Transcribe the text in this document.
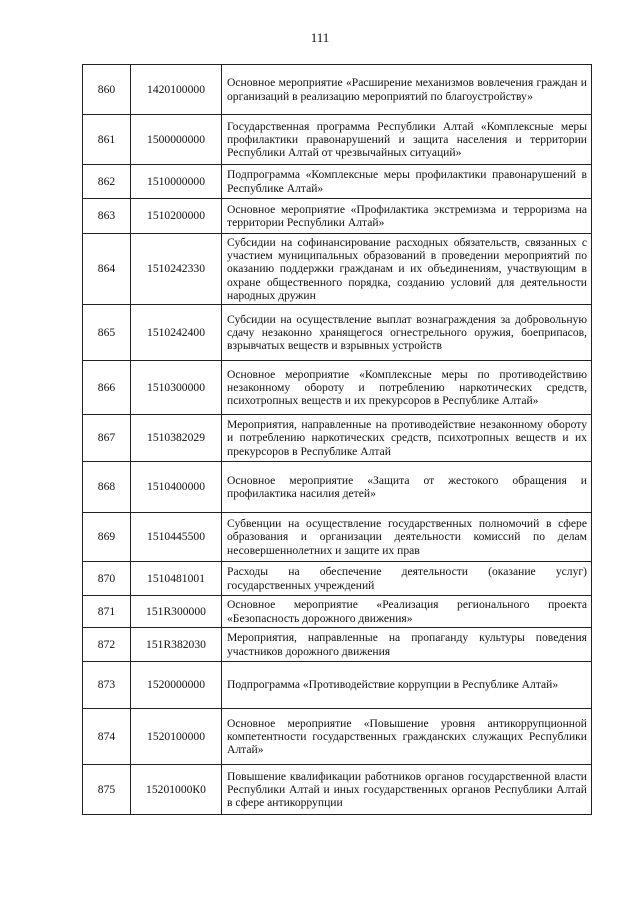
111
860	1420100000	Основное мероприятие «Расширение механизмов вовлечения граждан и организаций в реализацию мероприятий по благоустройству»
861	1500000000	Государственная программа Республики Алтай «Комплексные меры профилактики правонарушений и защита населения и территории Республики Алтай от чрезвычайных ситуаций»
862	1510000000	Подпрограмма «Комплексные меры профилактики правонарушений в Республике Алтай»
863	1510200000	Основное мероприятие «Профилактика экстремизма и терроризма на территории Республики Алтай»
864	1510242330	Субсидии на софинансирование расходных обязательств, связанных с участием муниципальных образований в проведении мероприятий по оказанию поддержки гражданам и их объединениям, участвующим в охране общественного порядка, созданию условий для деятельности народных дружин
865	1510242400	Субсидии на осуществление выплат вознаграждения за добровольную сдачу незаконно хранящегося огнестрельного оружия, боеприпасов, взрывчатых веществ и взрывных устройств
866	1510300000	Основное мероприятие «Комплексные меры по противодействию незаконному обороту и потреблению наркотических средств, психотропных веществ и их прекурсоров в Республике Алтай»
867	1510382029	Мероприятия, направленные на противодействие незаконному обороту и потреблению наркотических средств, психотропных веществ и их прекурсоров в Республике Алтай
868	1510400000	Основное мероприятие «Защита от жестокого обращения и профилактика насилия детей»
869	1510445500	Субвенции на осуществление государственных полномочий в сфере образования и организации деятельности комиссий по делам несовершеннолетних и защите их прав
870	1510481001	Расходы на обеспечение деятельности (оказание услуг) государственных учреждений
871	151R300000	Основное мероприятие «Реализация регионального проекта «Безопасность дорожного движения»
872	151R382030	Мероприятия, направленные на пропаганду культуры поведения участников дорожного движения
873	1520000000	Подпрограмма «Противодействие коррупции в Республике Алтай»
874	1520100000	Основное мероприятие «Повышение уровня антикоррупционной компетентности государственных гражданских служащих Республики Алтай»
875	15201000К0	Повышение квалификации работников органов государственной власти Республики Алтай и иных государственных органов Республики Алтай в сфере антикоррупции
